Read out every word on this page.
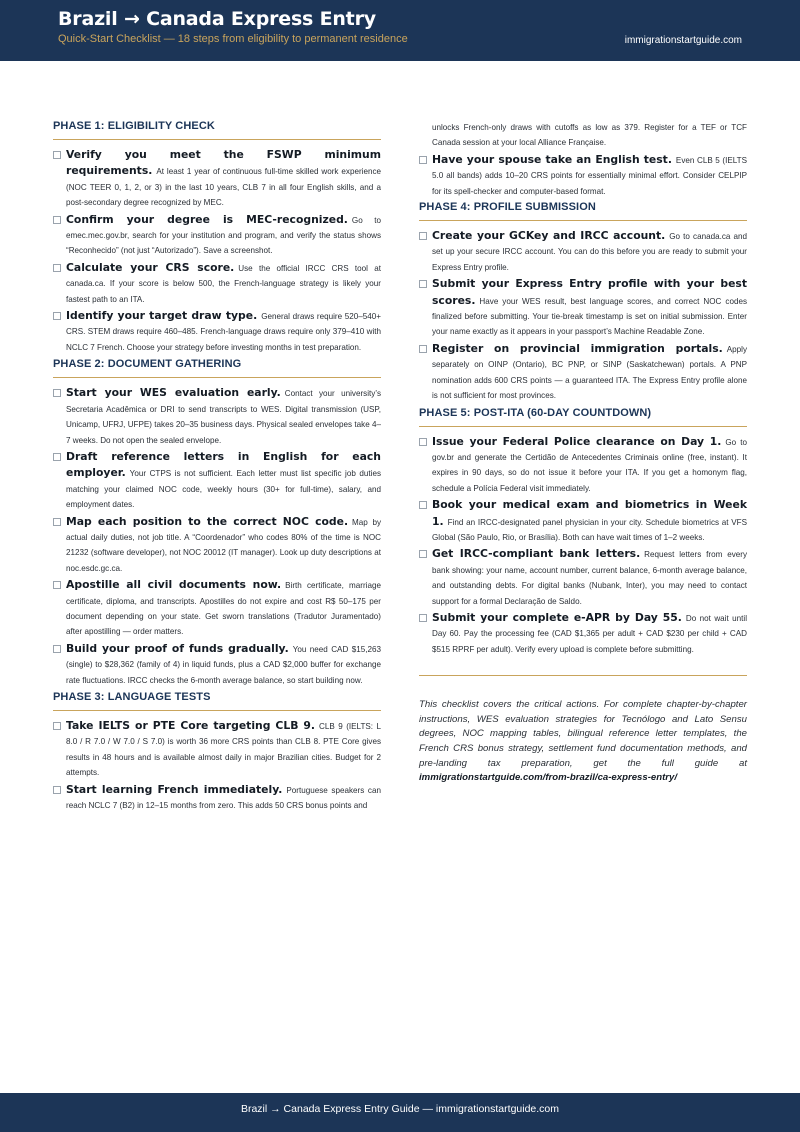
Brazil → Canada Express Entry
Quick-Start Checklist — 18 steps from eligibility to permanent residence	immigrationstartguide.com
PHASE 1: ELIGIBILITY CHECK
Verify you meet the FSWP minimum requirements. At least 1 year of continuous full-time skilled work experience (NOC TEER 0, 1, 2, or 3) in the last 10 years, CLB 7 in all four English skills, and a post-secondary degree recognized by MEC.
Confirm your degree is MEC-recognized. Go to emec.mec.gov.br, search for your institution and program, and verify the status shows “Reconhecido” (not just “Autorizado”). Save a screenshot.
Calculate your CRS score. Use the official IRCC CRS tool at canada.ca. If your score is below 500, the French-language strategy is likely your fastest path to an ITA.
Identify your target draw type. General draws require 520–540+ CRS. STEM draws require 460–485. French-language draws require only 379–410 with NCLC 7 French. Choose your strategy before investing months in test preparation.
PHASE 2: DOCUMENT GATHERING
Start your WES evaluation early. Contact your university’s Secretaria Acadêmica or DRI to send transcripts to WES. Digital transmission (USP, Unicamp, UFRJ, UFPE) takes 20–35 business days. Physical sealed envelopes take 4–7 weeks. Do not open the sealed envelope.
Draft reference letters in English for each employer. Your CTPS is not sufficient. Each letter must list specific job duties matching your claimed NOC code, weekly hours (30+ for full-time), salary, and employment dates.
Map each position to the correct NOC code. Map by actual daily duties, not job title. A “Coordenador” who codes 80% of the time is NOC 21232 (software developer), not NOC 20012 (IT manager). Look up duty descriptions at noc.esdc.gc.ca.
Apostille all civil documents now. Birth certificate, marriage certificate, diploma, and transcripts. Apostilles do not expire and cost R$ 50–175 per document depending on your state. Get sworn translations (Tradutor Juramentado) after apostilling — order matters.
Build your proof of funds gradually. You need CAD $15,263 (single) to $28,362 (family of 4) in liquid funds, plus a CAD $2,000 buffer for exchange rate fluctuations. IRCC checks the 6-month average balance, so start building now.
PHASE 3: LANGUAGE TESTS
Take IELTS or PTE Core targeting CLB 9. CLB 9 (IELTS: L 8.0 / R 7.0 / W 7.0 / S 7.0) is worth 36 more CRS points than CLB 8. PTE Core gives results in 48 hours and is available almost daily in major Brazilian cities. Budget for 2 attempts.
Start learning French immediately. Portuguese speakers can reach NCLC 7 (B2) in 12–15 months from zero. This adds 50 CRS bonus points and
unlocks French-only draws with cutoffs as low as 379. Register for a TEF or TCF Canada session at your local Alliance Française.
Have your spouse take an English test. Even CLB 5 (IELTS 5.0 all bands) adds 10–20 CRS points for essentially minimal effort. Consider CELPIP for its spell-checker and computer-based format.
PHASE 4: PROFILE SUBMISSION
Create your GCKey and IRCC account. Go to canada.ca and set up your secure IRCC account. You can do this before you are ready to submit your Express Entry profile.
Submit your Express Entry profile with your best scores. Have your WES result, best language scores, and correct NOC codes finalized before submitting. Your tie-break timestamp is set on initial submission. Enter your name exactly as it appears in your passport’s Machine Readable Zone.
Register on provincial immigration portals. Apply separately on OINP (Ontario), BC PNP, or SINP (Saskatchewan) portals. A PNP nomination adds 600 CRS points — a guaranteed ITA. The Express Entry profile alone is not sufficient for most provinces.
PHASE 5: POST-ITA (60-DAY COUNTDOWN)
Issue your Federal Police clearance on Day 1. Go to gov.br and generate the Certidão de Antecedentes Criminais online (free, instant). It expires in 90 days, so do not issue it before your ITA. If you get a homonym flag, schedule a Polícia Federal visit immediately.
Book your medical exam and biometrics in Week 1. Find an IRCC-designated panel physician in your city. Schedule biometrics at VFS Global (São Paulo, Rio, or Brasília). Both can have wait times of 1–2 weeks.
Get IRCC-compliant bank letters. Request letters from every bank showing: your name, account number, current balance, 6-month average balance, and outstanding debts. For digital banks (Nubank, Inter), you may need to contact support for a formal Declaração de Saldo.
Submit your complete e-APR by Day 55. Do not wait until Day 60. Pay the processing fee (CAD $1,365 per adult + CAD $230 per child + CAD $515 RPRF per adult). Verify every upload is complete before submitting.
This checklist covers the critical actions. For complete chapter-by-chapter instructions, WES evaluation strategies for Tecnólogo and Lato Sensu degrees, NOC mapping tables, bilingual reference letter templates, the French CRS bonus strategy, settlement fund documentation methods, and pre-landing tax preparation, get the full guide at immigrationstartguide.com/from-brazil/ca-express-entry/
Brazil → Canada Express Entry Guide — immigrationstartguide.com
